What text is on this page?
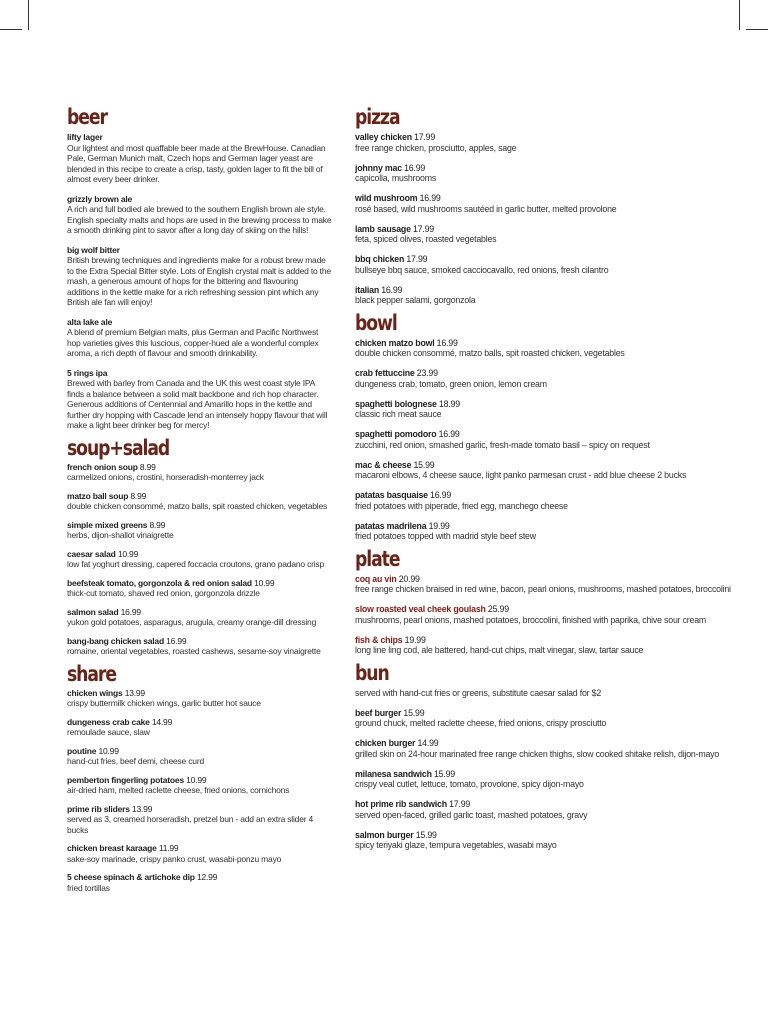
beer
lifty lager
Our lightest and most quaffable beer made at the BrewHouse. Canadian Pale, German Munich malt, Czech hops and German lager yeast are blended in this recipe to create a crisp, tasty, golden lager to fit the bill of almost every beer drinker.
grizzly brown ale
A rich and full bodied ale brewed to the southern English brown ale style. English specialty malts and hops are used in the brewing process to make a smooth drinking pint to savor after a long day of skiing on the hills!
big wolf bitter
British brewing techniques and ingredients make for a robust brew made to the Extra Special Bitter style. Lots of English crystal malt is added to the mash, a generous amount of hops for the bittering and flavouring additions in the kettle make for a rich refreshing session pint which any British ale fan will enjoy!
alta lake ale
A blend of premium Belgian malts, plus German and Pacific Northwest hop varieties gives this luscious, copper-hued ale a wonderful complex aroma, a rich depth of flavour and smooth drinkability.
5 rings ipa
Brewed with barley from Canada and the UK this west coast style IPA finds a balance between a solid malt backbone and rich hop character. Generous additions of Centennial and Amarillo hops in the kettle and further dry hopping with Cascade lend an intensely hoppy flavour that will make a light beer drinker beg for mercy!
soup+salad
french onion soup 8.99
carmelized onions, crostini, horseradish-monterrey jack
matzo ball soup 8.99
double chicken consommé, matzo balls, spit roasted chicken, vegetables
simple mixed greens 8.99
herbs, dijon-shallot vinaigrette
caesar salad 10.99
low fat yoghurt dressing, capered foccacia croutons, grano padano crisp
beefsteak tomato, gorgonzola & red onion salad 10.99
thick-cut tomato, shaved red onion, gorgonzola drizzle
salmon salad 16.99
yukon gold potatoes, asparagus, arugula, creamy orange-dill dressing
bang-bang chicken salad 16.99
romaine, oriental vegetables, roasted cashews, sesame-soy vinaigrette
share
chicken wings 13.99
crispy buttermilk chicken wings, garlic butter hot sauce
dungeness crab cake 14.99
remoulade sauce, slaw
poutine 10.99
hand-cut fries, beef demi, cheese curd
pemberton fingerling potatoes 10.99
air-dried ham, melted raclette cheese, fried onions, cornichons
prime rib sliders 13.99
served as 3, creamed horseradish, pretzel bun - add an extra slider 4 bucks
chicken breast karaage 11.99
sake-soy marinade, crispy panko crust, wasabi-ponzu mayo
5 cheese spinach & artichoke dip 12.99
fried tortillas
pizza
valley chicken 17.99
free range chicken, prosciutto, apples, sage
johnny mac 16.99
capicolla, mushrooms
wild mushroom 16.99
rosé based, wild mushrooms sautéed in garlic butter, melted provolone
lamb sausage 17.99
feta, spiced olives, roasted vegetables
bbq chicken 17.99
bullseye bbq sauce, smoked cacciocavallo, red onions, fresh cilantro
italian 16.99
black pepper salami, gorgonzola
bowl
chicken matzo bowl 16.99
double chicken consommé, matzo balls, spit roasted chicken, vegetables
crab fettuccine 23.99
dungeness crab, tomato, green onion, lemon cream
spaghetti bolognese 18.99
classic rich meat sauce
spaghetti pomodoro 16.99
zucchini, red onion, smashed garlic, fresh-made tomato basil – spicy on request
mac & cheese 15.99
macaroni elbows, 4 cheese sauce, light panko parmesan crust - add blue cheese 2 bucks
patatas basquaise 16.99
fried potatoes with piperade, fried egg, manchego cheese
patatas madrilena 19.99
fried potatoes topped with madrid style beef stew
plate
coq au vin 20.99
free range chicken braised in red wine, bacon, pearl onions, mushrooms, mashed potatoes, broccolini
slow roasted veal cheek goulash 25.99
mushrooms, pearl onions, mashed potatoes, broccolini, finished with paprika, chive sour cream
fish & chips 19.99
long line ling cod, ale battered, hand-cut chips, malt vinegar, slaw, tartar sauce
bun
served with hand-cut fries or greens, substitute caesar salad for $2
beef burger 15.99
ground chuck, melted raclette cheese, fried onions, crispy prosciutto
chicken burger 14.99
grilled skin on 24-hour marinated free range chicken thighs, slow cooked shitake relish, dijon-mayo
milanesa sandwich 15.99
crispy veal cutlet, lettuce, tomato, provolone, spicy dijon-mayo
hot prime rib sandwich 17.99
served open-faced, grilled garlic toast, mashed potatoes, gravy
salmon burger 15.99
spicy teriyaki glaze, tempura vegetables, wasabi mayo
